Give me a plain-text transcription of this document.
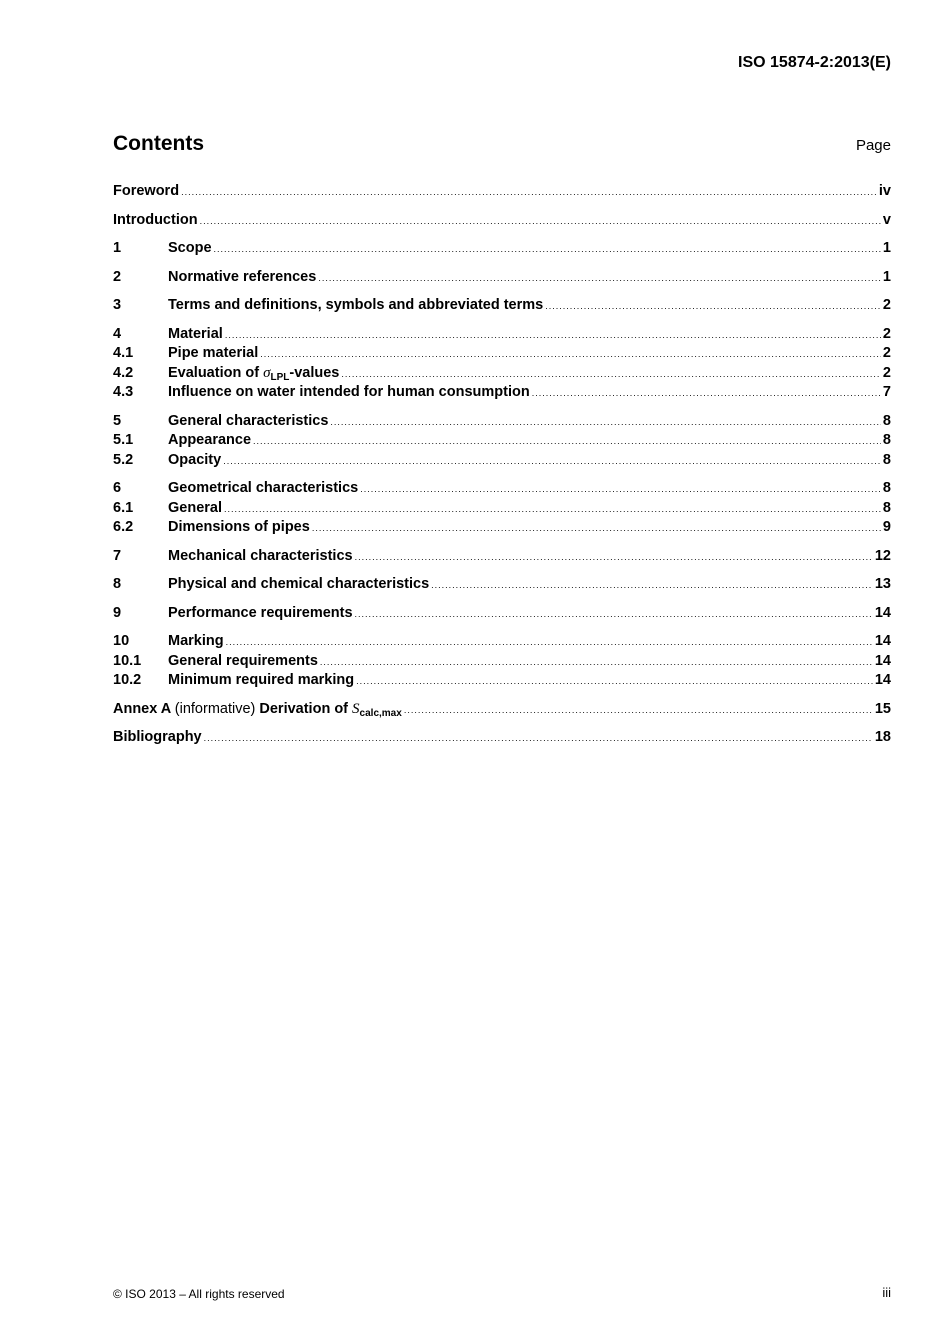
ISO 15874-2:2013(E)
Contents	Page
Foreword .....	iv
Introduction .....	v
1	Scope .....	1
2	Normative references .....	1
3	Terms and definitions, symbols and abbreviated terms .....	2
4	Material .....	2
4.1	Pipe material .....	2
4.2	Evaluation of $\sigma_{LPL}$-values .....	2
4.3	Influence on water intended for human consumption .....	7
5	General characteristics .....	8
5.1	Appearance .....	8
5.2	Opacity .....	8
6	Geometrical characteristics .....	8
6.1	General .....	8
6.2	Dimensions of pipes .....	9
7	Mechanical characteristics .....	12
8	Physical and chemical characteristics .....	13
9	Performance requirements .....	14
10	Marking .....	14
10.1	General requirements .....	14
10.2	Minimum required marking .....	14
Annex A (informative) Derivation of $S_{calc,max}$ .....	15
Bibliography .....	18
© ISO 2013 – All rights reserved	iii
